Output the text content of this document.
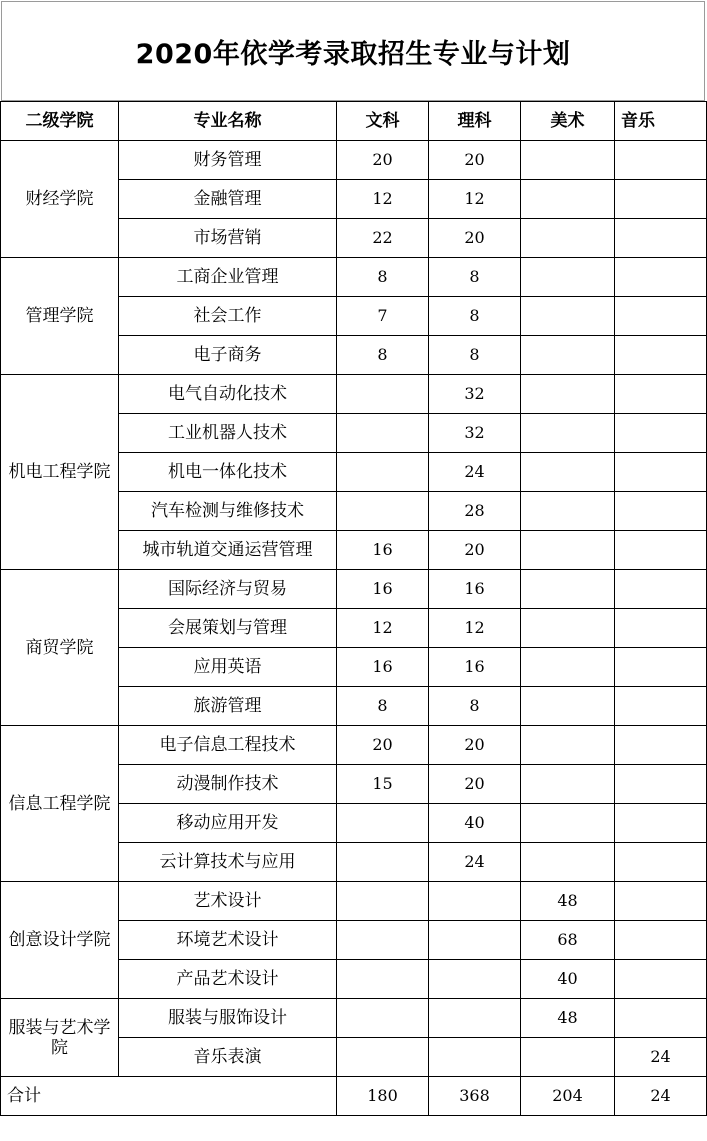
2020年依学考录取招生专业与计划
二级学院	专业名称	文科	理科	美术	音乐
财经学院	财务管理	20	20		
	金融管理	12	12		
	市场营销	22	20		
管理学院	工商企业管理	8	8		
	社会工作	7	8		
	电子商务	8	8		
机电工程学院	电气自动化技术		32		
	工业机器人技术		32		
	机电一体化技术		24		
	汽车检测与维修技术		28		
	城市轨道交通运营管理	16	20		
商贸学院	国际经济与贸易	16	16		
	会展策划与管理	12	12		
	应用英语	16	16		
	旅游管理	8	8		
信息工程学院	电子信息工程技术	20	20		
	动漫制作技术	15	20		
	移动应用开发		40		
	云计算技术与应用		24		
创意设计学院	艺术设计			48	
	环境艺术设计			68	
	产品艺术设计			40	
服装与艺术学院	服装与服饰设计			48	
	音乐表演				24
合计		180	368	204	24
